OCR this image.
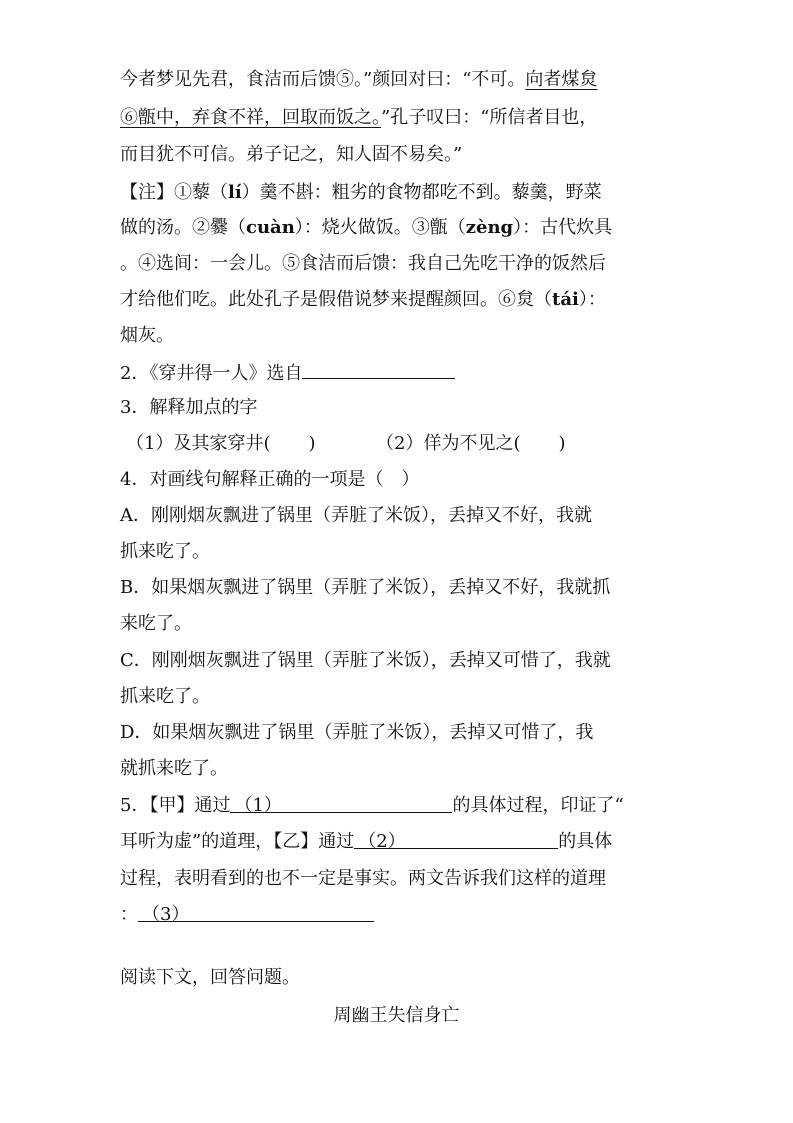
今者梦见先君，食洁而后馈⑤。”颜回对曰：“不可。向者煤炱
⑥甑中，弃食不祥，回取而饭之。”孔子叹曰：“所信者目也，
而目犹不可信。弟子记之，知人固不易矣。”
【注】①藜（lí）羹不斟：粗劣的食物都吃不到。藜羹，野菜
做的汤。②爨（cuàn）：烧火做饭。③甑（zèng）：古代炊具
。④选间：一会儿。⑤食洁而后馈：我自己先吃干净的饭然后
才给他们吃。此处孔子是假借说梦来提醒颜回。⑥炱（tái）：
烟灰。
2．《穿井得一人》选自
3．解释加点的字
（1）及其家穿井( )	（2）佯为不见之( )
4．对画线句解释正确的一项是（　）
A．刚刚烟灰飘进了锅里（弄脏了米饭），丢掉又不好，我就
抓来吃了。
B．如果烟灰飘进了锅里（弄脏了米饭），丢掉又不好，我就抓
来吃了。
C．刚刚烟灰飘进了锅里（弄脏了米饭），丢掉又可惜了，我就
抓来吃了。
D．如果烟灰飘进了锅里（弄脏了米饭），丢掉又可惜了，我
就抓来吃了。
5．【甲】通过 （1）	的具体过程，印证了“
耳听为虚”的道理，【乙】通过 （2）	的具体
过程，表明看到的也不一定是事实。两文告诉我们这样的道理
： （3）
阅读下文，回答问题。
周幽王失信身亡
